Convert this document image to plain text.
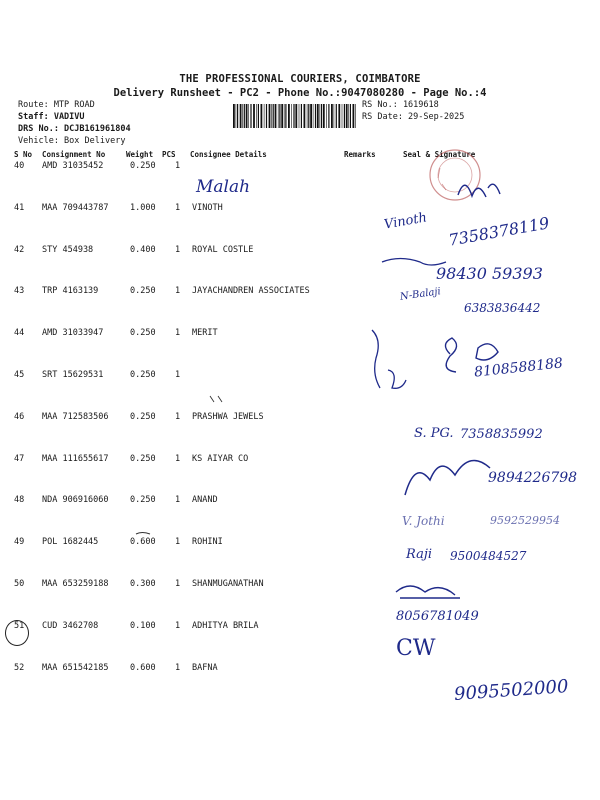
THE PROFESSIONAL COURIERS, COIMBATORE
Delivery Runsheet - PC2 - Phone No.:9047080280 - Page No.:4
Route: MTP ROAD
Staff: VADIVU
DRS No.: DCJB161961804
Vehicle: Box Delivery
RS No.: 1619618
RS Date: 29-Sep-2025
S No Consignment No	Weight PCS Consignee Details	Remarks	Seal & Signature
40 AMD 31035452	0.250 1
41 MAA 709443787	1.000 1 VINOTH
42 STY 454938	0.400 1 ROYAL COSTLE
43 TRP 4163139	0.250 1 JAYACHANDREN ASSOCIATES
44 AMD 31033947	0.250 1 MERIT
45 SRT 15629531	0.250 1
46 MAA 712583506	0.250 1 PRASHWA JEWELS
47 MAA 111655617	0.250 1 KS AIYAR CO
48 NDA 906916060	0.250 1 ANAND
49 POL 1682445	0.600 1 ROHINI
50 MAA 653259188	0.300 1 SHANMUGANATHAN
51 CUD 3462708	0.100 1 ADHITYA BRILA
52 MAA 651542185	0.600 1 BAFNA
Malah
Vinoth 7358378119
98430 59393
N-Balaji
6383836442
8108588188
S. PG. 7358835992
9894226798
V. Jothi	9592529954
Raji 9500484527
8056781049
CW
9095502000
